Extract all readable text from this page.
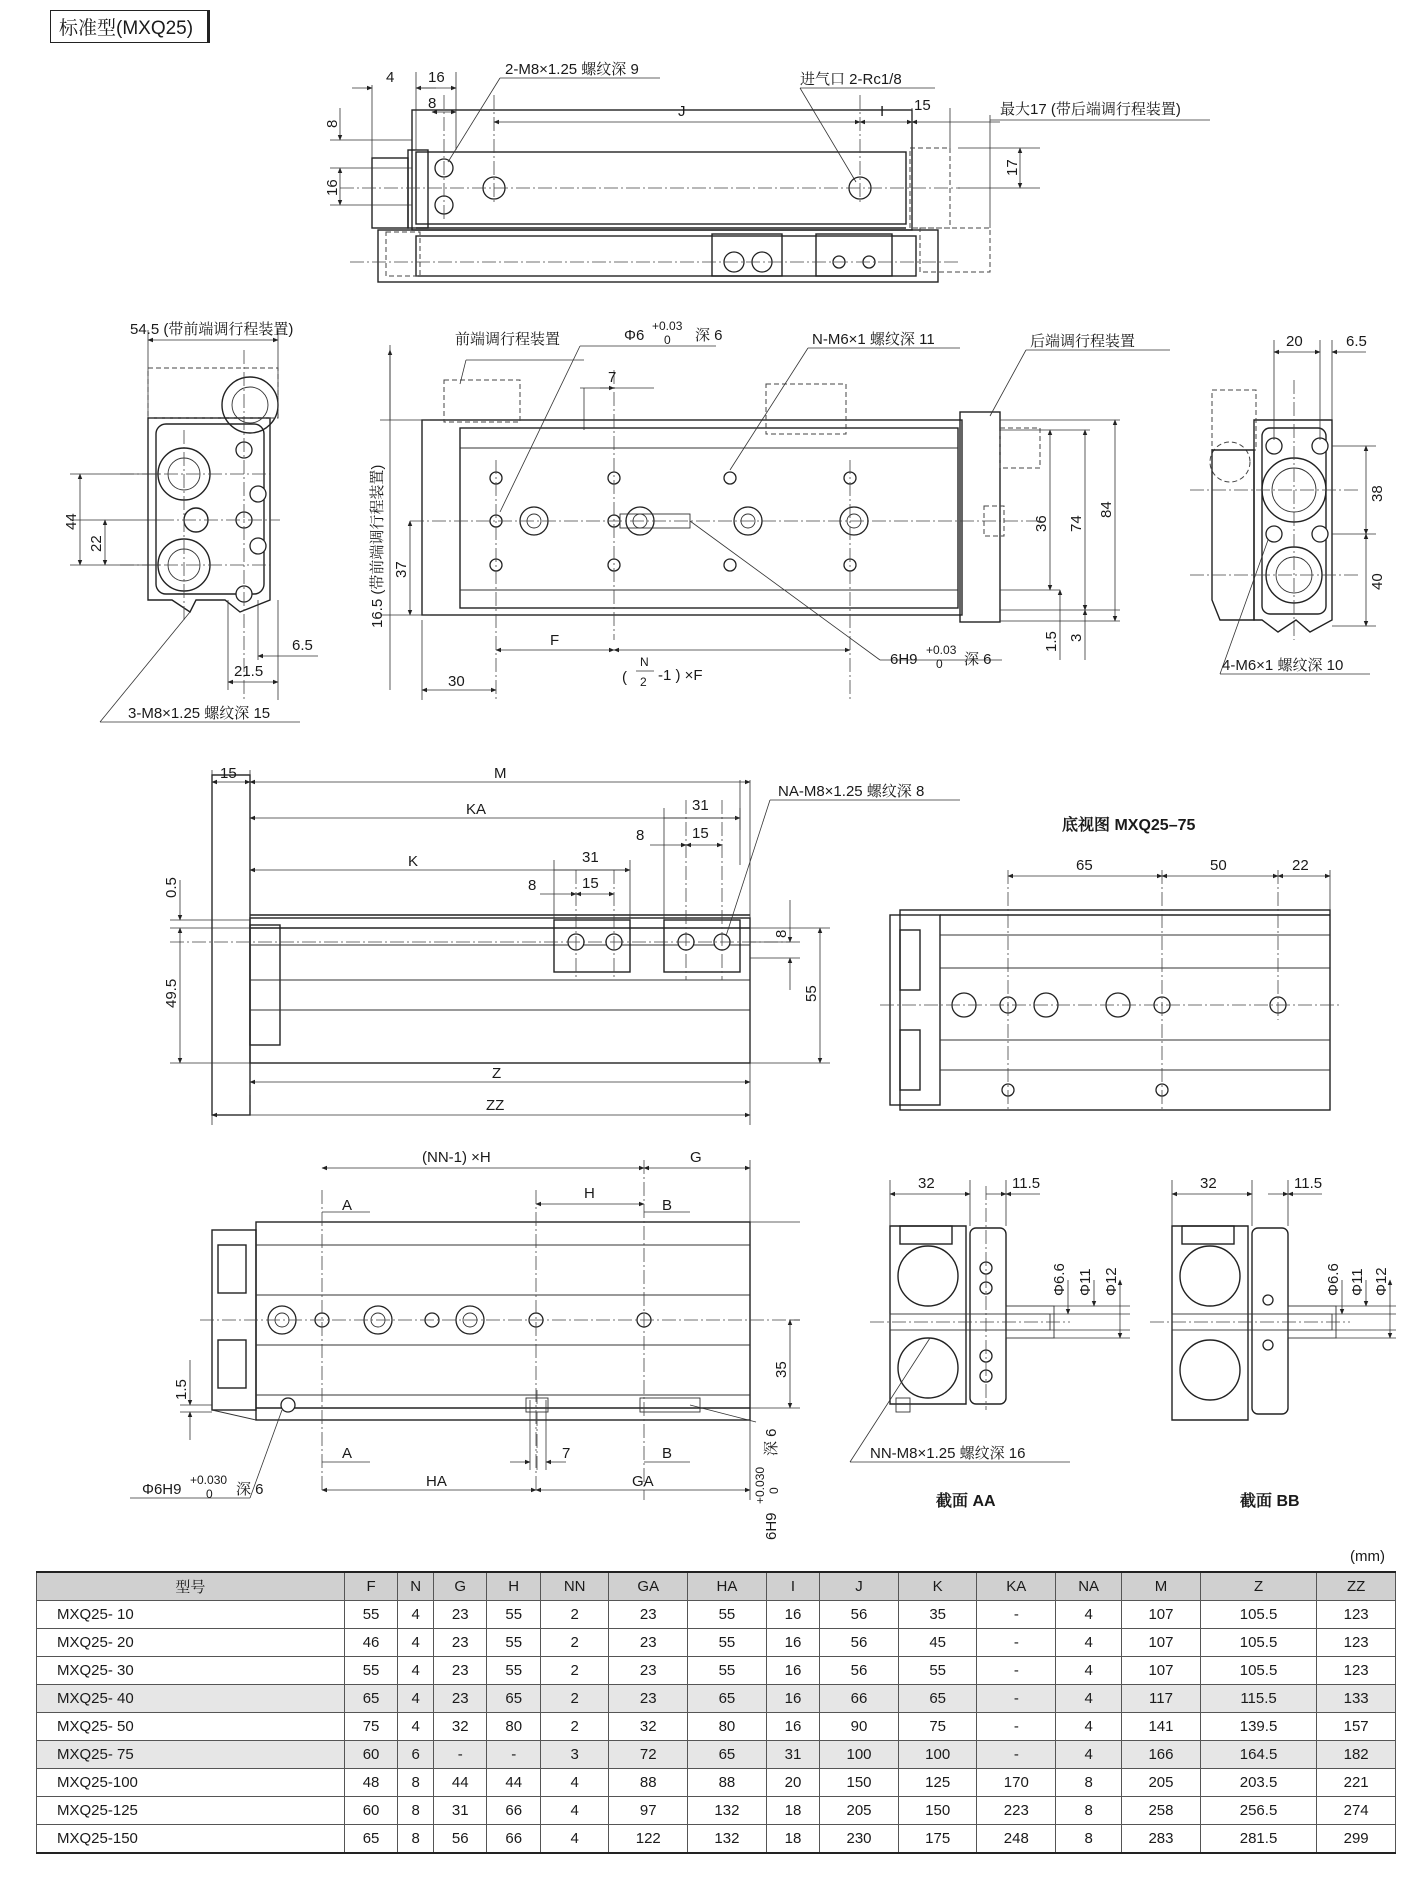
标准型(MXQ25)
4 16
8	J	I 15
8
16
17
2-M8×1.25 螺纹深 9
进气口 2-Rc1/8
最大17 (带后端调行程装置)
54.5 (带前端调行程装置)
44
22
6.5
21.5
3-M8×1.25 螺纹深 15
前端调行程装置	Φ6
+0.03
0 深 6
7
N-M6×1 螺纹深 11	后端调行程装置
16.5 (带前端调行程装置) 37
36 74
84
1.5 3
F
30	(
N
2 -1 ) ×F
6H9
+0.03
0 深 6
20	6.5
38
40
4-M6×1 螺纹深 10
15	M
KA	31
8	15
K	31
8	15
NA-M8×1.25 螺纹深 8
0.5
49.5
8
55
Z
ZZ
底视图 MXQ25–75
65	50	22
(NN-1) ×H	G
A
H
B
1.5
35
7
A	B
HA	GA
Φ6H9
+0.030
0 深 6
6H9
+0.030 0
深 6
32	11.5
Φ6.6 Φ11 Φ12
NN-M8×1.25 螺纹深 16
截面 AA
32	11.5
Φ6.6 Φ11 Φ12
截面 BB
(mm)
型号	F	N	G	H	NN	GA	HA	I	J	K	KA	NA	M	Z	ZZ
MXQ25- 10	55	4	23	55	2	23	55	16	56	35	-	4	107	105.5	123
MXQ25- 20	46	4	23	55	2	23	55	16	56	45	-	4	107	105.5	123
MXQ25- 30	55	4	23	55	2	23	55	16	56	55	-	4	107	105.5	123
MXQ25- 40	65	4	23	65	2	23	65	16	66	65	-	4	117	115.5	133
MXQ25- 50	75	4	32	80	2	32	80	16	90	75	-	4	141	139.5	157
MXQ25- 75	60	6	-	-	3	72	65	31	100	100	-	4	166	164.5	182
MXQ25-100	48	8	44	44	4	88	88	20	150	125	170	8	205	203.5	221
MXQ25-125	60	8	31	66	4	97	132	18	205	150	223	8	258	256.5	274
MXQ25-150	65	8	56	66	4	122	132	18	230	175	248	8	283	281.5	299
